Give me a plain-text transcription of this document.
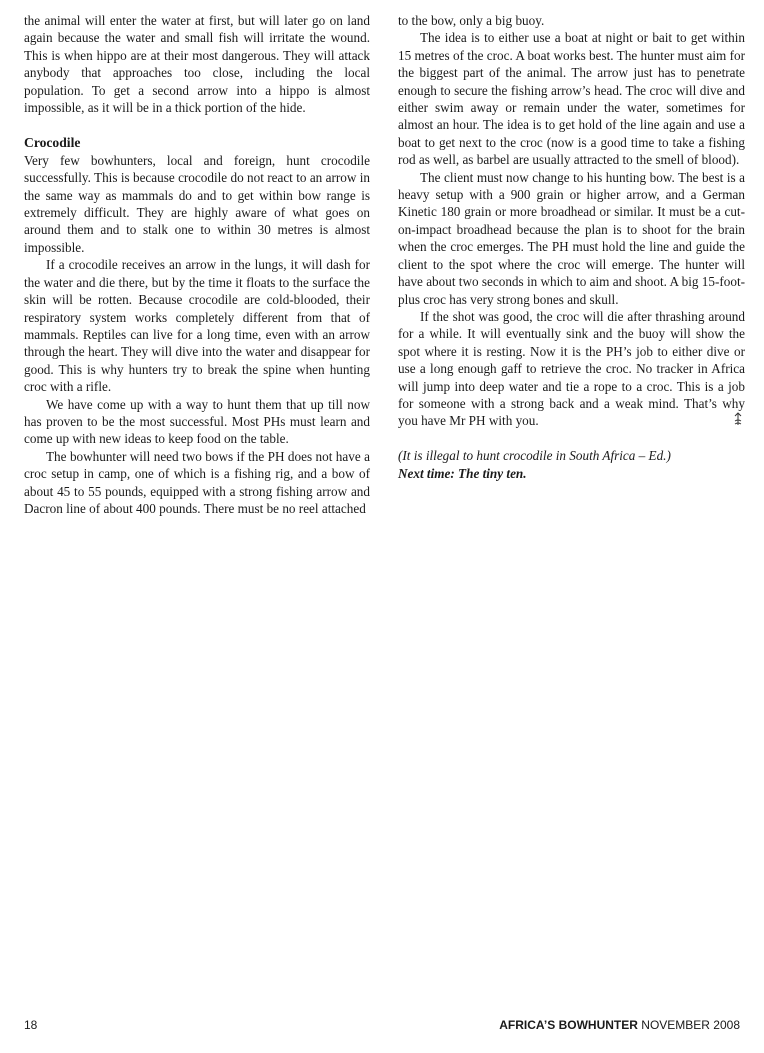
the animal will enter the water at first, but will later go on land again because the water and small fish will irritate the wound. This is when hippo are at their most dangerous. They will attack anybody that approaches too close, including the local population. To get a second arrow into a hippo is almost impossible, as it will be in a thick portion of the hide.

Crocodile

Very few bowhunters, local and foreign, hunt crocodile successfully. This is because crocodile do not react to an arrow in the same way as mammals do and to get within bow range is extremely difficult. They are highly aware of what goes on around them and to stalk one to within 30 metres is almost impossible.

If a crocodile receives an arrow in the lungs, it will dash for the water and die there, but by the time it floats to the surface the skin will be rotten. Because crocodile are cold-blooded, their respiratory system works completely different from that of mammals. Reptiles can live for a long time, even with an arrow through the heart. They will dive into the water and disappear for good. This is why hunters try to break the spine when hunting croc with a rifle.

We have come up with a way to hunt them that up till now has proven to be the most successful. Most PHs must learn and come up with new ideas to keep food on the table.

The bowhunter will need two bows if the PH does not have a croc setup in camp, one of which is a fishing rig, and a bow of about 45 to 55 pounds, equipped with a strong fishing arrow and Dacron line of about 400 pounds. There must be no reel attached

to the bow, only a big buoy.

The idea is to either use a boat at night or bait to get within 15 metres of the croc. A boat works best. The hunter must aim for the biggest part of the animal. The arrow just has to penetrate enough to secure the fishing arrow’s head. The croc will dive and either swim away or remain under the water, sometimes for almost an hour. The idea is to get hold of the line again and use a boat to get next to the croc (now is a good time to take a fishing rod as well, as barbel are usually attracted to the smell of blood).

The client must now change to his hunting bow. The best is a heavy setup with a 900 grain or higher arrow, and a German Kinetic 180 grain or more broadhead or similar. It must be a cut-on-impact broadhead because the plan is to shoot for the brain when the croc emerges. The PH must hold the line and guide the client to the spot where the croc will emerge. The hunter will have about two seconds in which to aim and shoot. A big 15-foot-plus croc has very strong bones and skull.

If the shot was good, the croc will die after thrashing around for a while. It will eventually sink and the buoy will show the spot where it is resting. Now it is the PH’s job to either dive or use a long enough gaff to retrieve the croc. No tracker in Africa will jump into deep water and tie a rope to a croc. This is a job for someone with a strong back and a weak mind. That’s why you have Mr PH with you.

(It is illegal to hunt crocodile in South Africa – Ed.)

Next time: The tiny ten.

18	AFRICA’S BOWHUNTER NOVEMBER 2008
